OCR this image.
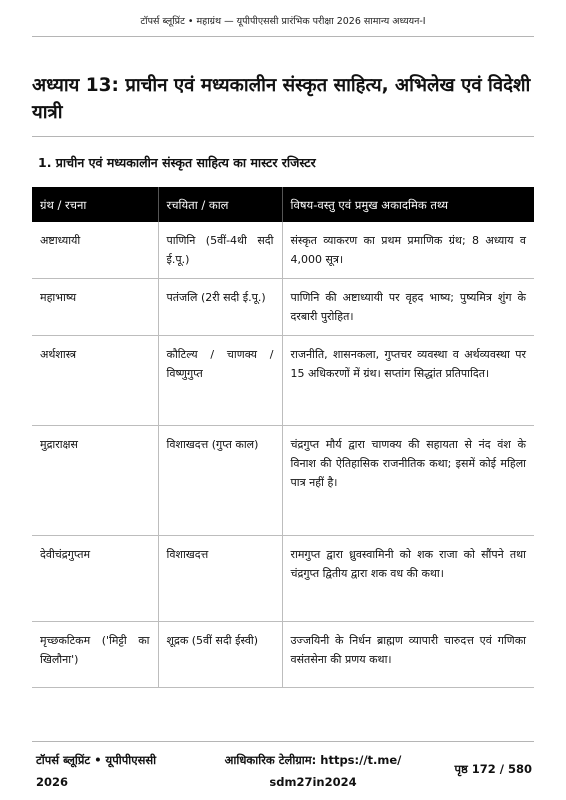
टॉपर्स ब्लूप्रिंट • महाग्रंथ — यूपीपीएससी प्रारंभिक परीक्षा 2026 सामान्य अध्ययन-I
अध्याय 13: प्राचीन एवं मध्यकालीन संस्कृत साहित्य, अभिलेख एवं विदेशी यात्री
1. प्राचीन एवं मध्यकालीन संस्कृत साहित्य का मास्टर रजिस्टर
ग्रंथ / रचना	रचयिता / काल	विषय-वस्तु एवं प्रमुख अकादमिक तथ्य
अष्टाध्यायी	पाणिनि (5वीं-4थी सदी ई.पू.)	संस्कृत व्याकरण का प्रथम प्रमाणिक ग्रंथ; 8 अध्याय व 4,000 सूत्र।
महाभाष्य	पतंजलि (2री सदी ई.पू.)	पाणिनि की अष्टाध्यायी पर वृहद भाष्य; पुष्यमित्र शुंग के दरबारी पुरोहित।
अर्थशास्त्र	कौटिल्य / चाणक्य / विष्णुगुप्त	राजनीति, शासनकला, गुप्तचर व्यवस्था व अर्थव्यवस्था पर 15 अधिकरणों में ग्रंथ। सप्तांग सिद्धांत प्रतिपादित।
मुद्राराक्षस	विशाखदत्त (गुप्त काल)	चंद्रगुप्त मौर्य द्वारा चाणक्य की सहायता से नंद वंश के विनाश की ऐतिहासिक राजनीतिक कथा; इसमें कोई महिला पात्र नहीं है।
देवीचंद्रगुप्तम	विशाखदत्त	रामगुप्त द्वारा ध्रुवस्वामिनी को शक राजा को सौंपने तथा चंद्रगुप्त द्वितीय द्वारा शक वध की कथा।
मृच्छकटिकम ('मिट्टी का खिलौना')	शूद्रक (5वीं सदी ईस्वी)	उज्जयिनी के निर्धन ब्राह्मण व्यापारी चारुदत्त एवं गणिका वसंतसेना की प्रणय कथा।
टॉपर्स ब्लूप्रिंट • यूपीपीएससी
2026
आधिकारिक टेलीग्राम: https://t.me/
sdm27in2024
पृष्ठ 172 / 580
